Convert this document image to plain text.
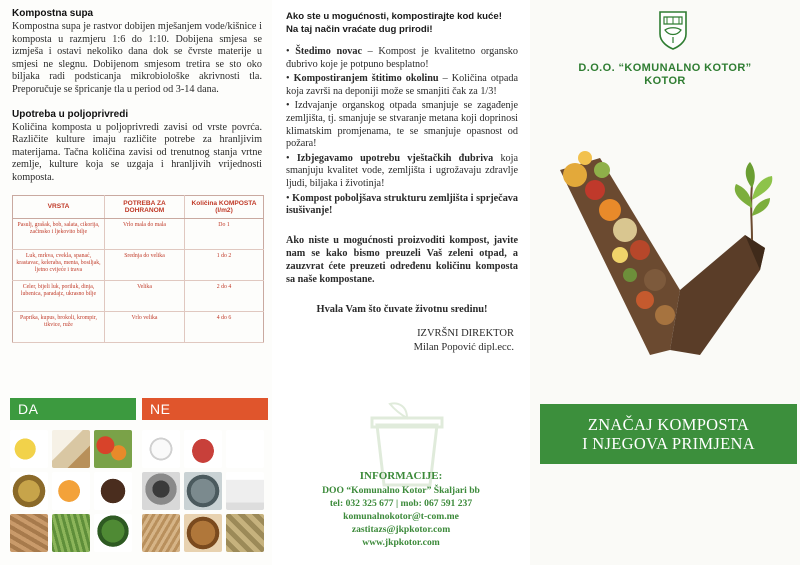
Kompostna supa

Kompostna supa je rastvor dobijen mješanjem vode/kišnice i komposta u razmjeru 1:6 do 1:10. Dobijena smjesa se izmješa i ostavi nekoliko dana dok se čvrste materije u smjesi ne slegnu. Dobijenom smjesom tretira se sto oko biljaka radi podsticanja mikrobiološke akrivnosti tla. Preporučuje se špricanje tla u period od 3-14 dana.

Upotreba u poljoprivredi

Količina komposta u poljoprivredi zavisi od vrste povrća. Različite kulture imaju različite potrebe za hranljivim materijama. Tačna količina zavisi od trenutnog stanja vrtne zemlje, kulture koja se uzgaja i hranljivih vrijednosti komposta.

VRSTA	POTREBA ZA DOHRANOM	Količina KOMPOSTA (l/m2)
Pasulj, grašak, bob, salata, cikorija, začinsko i ljekovito bilje	Vrlo mala do mala	Do 1
Luk, mrkva, cvekla, spanać, krastavac, keleraba, menta, bosiljak, ljetno cvijeće i trava	Srednja do velika	1 do 2
Celer, bijeli luk, poriluk, dinja, lubenica, paradajz, ukrasno bilje	Velika	2 do 4
Paprika, kupus, brokoli, krompir, tikvice, ruže	Vrlo velika	4 do 6
DA	NE
Ako ste u mogućnosti, kompostirajte kod kuće!
Na taj način vraćate dug prirodi!
• Štedimo novac – Kompost je kvalitetno organsko đubrivo koje je potpuno besplatno!
• Kompostiranjem štitimo okolinu – Količina otpada koja završi na deponiji može se smanjiti čak za 1/3!
• Izdvajanje organskog otpada smanjuje se zagađenje zemljišta, tj. smanjuje se stvaranje metana koji doprinosi klimatskim promjenama, te se smanjuje opasnost od požara!
• Izbjegavamo upotrebu vještačkih đubriva koja smanjuju kvalitet vode, zemljišta i ugrožavaju zdravlje ljudi, biljaka i životinja!
• Kompost poboljšava strukturu zemljišta i sprječava isušivanje!

Ako niste u mogućnosti proizvoditi kompost, javite nam se kako bismo preuzeli Vaš zeleni otpad, a zauzvrat ćete preuzeti određenu količinu komposta sa naše kompostane.

Hvala Vam što čuvate životnu sredinu!

IZVRŠNI DIREKTOR
Milan Popović dipl.ecc.
INFORMACIJE:
DOO “Komunalno Kotor” Škaljari bb
tel: 032 325 677 | mob: 067 591 237
komunalnokotor@t-com.me
zastitazs@jkpkotor.com
www.jkpkotor.com
D.O.O. “KOMUNALNO KOTOR”
KOTOR
ZNAČAJ KOMPOSTA
I NJEGOVA PRIMJENA
